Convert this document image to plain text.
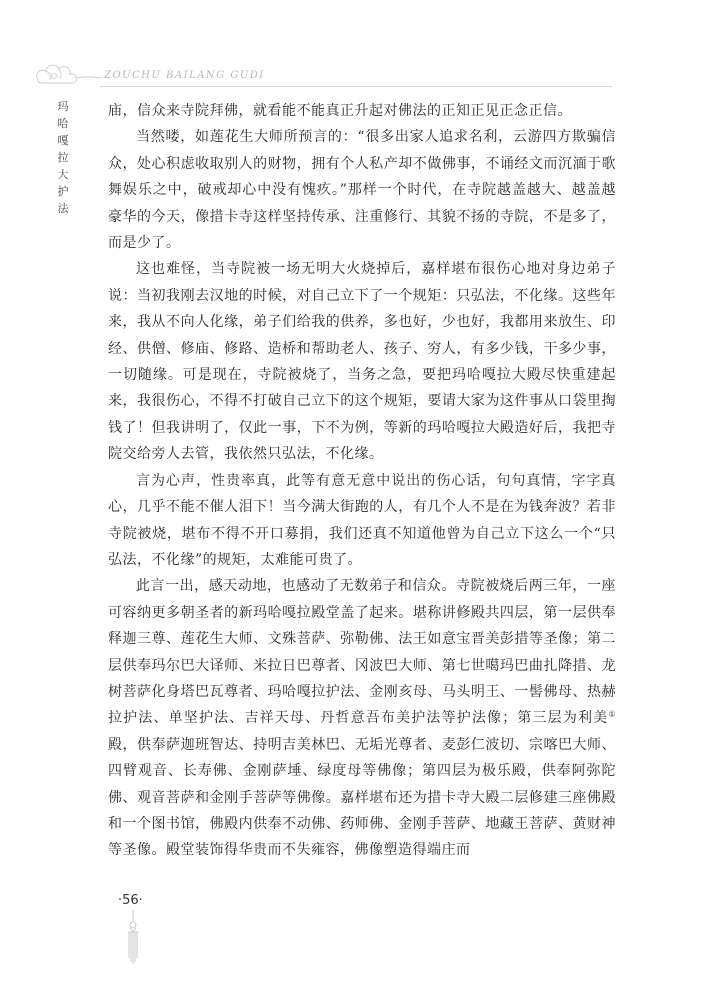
ZOUCHU BAILANG GUDI
玛
哈
嘎
拉
大
护
法

庙，信众来寺院拜佛，就看能不能真正升起对佛法的正知正见正念正信。

当然喽，如莲花生大师所预言的：“很多出家人追求名利，云游四方欺骗信众，处心积虑收取别人的财物，拥有个人私产却不做佛事，不诵经文而沉湎于歌舞娱乐之中，破戒却心中没有愧疚。”那样一个时代，在寺院越盖越大、越盖越豪华的今天，像措卡寺这样坚持传承、注重修行、其貌不扬的寺院，不是多了，而是少了。

这也难怪，当寺院被一场无明大火烧掉后，嘉样堪布很伤心地对身边弟子说：当初我刚去汉地的时候，对自己立下了一个规矩：只弘法，不化缘。这些年来，我从不向人化缘，弟子们给我的供养，多也好，少也好，我都用来放生、印经、供僧、修庙、修路、造桥和帮助老人、孩子、穷人，有多少钱，干多少事，一切随缘。可是现在，寺院被烧了，当务之急，要把玛哈嘎拉大殿尽快重建起来，我很伤心，不得不打破自己立下的这个规矩，要请大家为这件事从口袋里掏钱了！但我讲明了，仅此一事，下不为例，等新的玛哈嘎拉大殿造好后，我把寺院交给旁人去管，我依然只弘法，不化缘。

言为心声，性贵率真，此等有意无意中说出的伤心话，句句真情，字字真心，几乎不能不催人泪下！当今满大街跑的人，有几个人不是在为钱奔波？若非寺院被烧，堪布不得不开口募捐，我们还真不知道他曾为自己立下这么一个“只弘法，不化缘”的规矩，太难能可贵了。

此言一出，感天动地，也感动了无数弟子和信众。寺院被烧后两三年，一座可容纳更多朝圣者的新玛哈嘎拉殿堂盖了起来。堪称讲修殿共四层，第一层供奉释迦三尊、莲花生大师、文殊菩萨、弥勒佛、法王如意宝晋美彭措等圣像；第二层供奉玛尔巴大译师、米拉日巴尊者、冈波巴大师、第七世噶玛巴曲扎降措、龙树菩萨化身塔巴瓦尊者、玛哈嘎拉护法、金刚亥母、马头明王、一髻佛母、热赫拉护法、单坚护法、吉祥天母、丹哲意吾布美护法等护法像；第三层为利美①殿，供奉萨迦班智达、持明吉美林巴、无垢光尊者、麦彭仁波切、宗喀巴大师、四臂观音、长寿佛、金刚萨埵、绿度母等佛像；第四层为极乐殿，供奉阿弥陀佛、观音菩萨和金刚手菩萨等佛像。嘉样堪布还为措卡寺大殿二层修建三座佛殿和一个图书馆，佛殿内供奉不动佛、药师佛、金刚手菩萨、地藏王菩萨、黄财神等圣像。殿堂装饰得华贵而不失雍容，佛像塑造得端庄而

·56·
